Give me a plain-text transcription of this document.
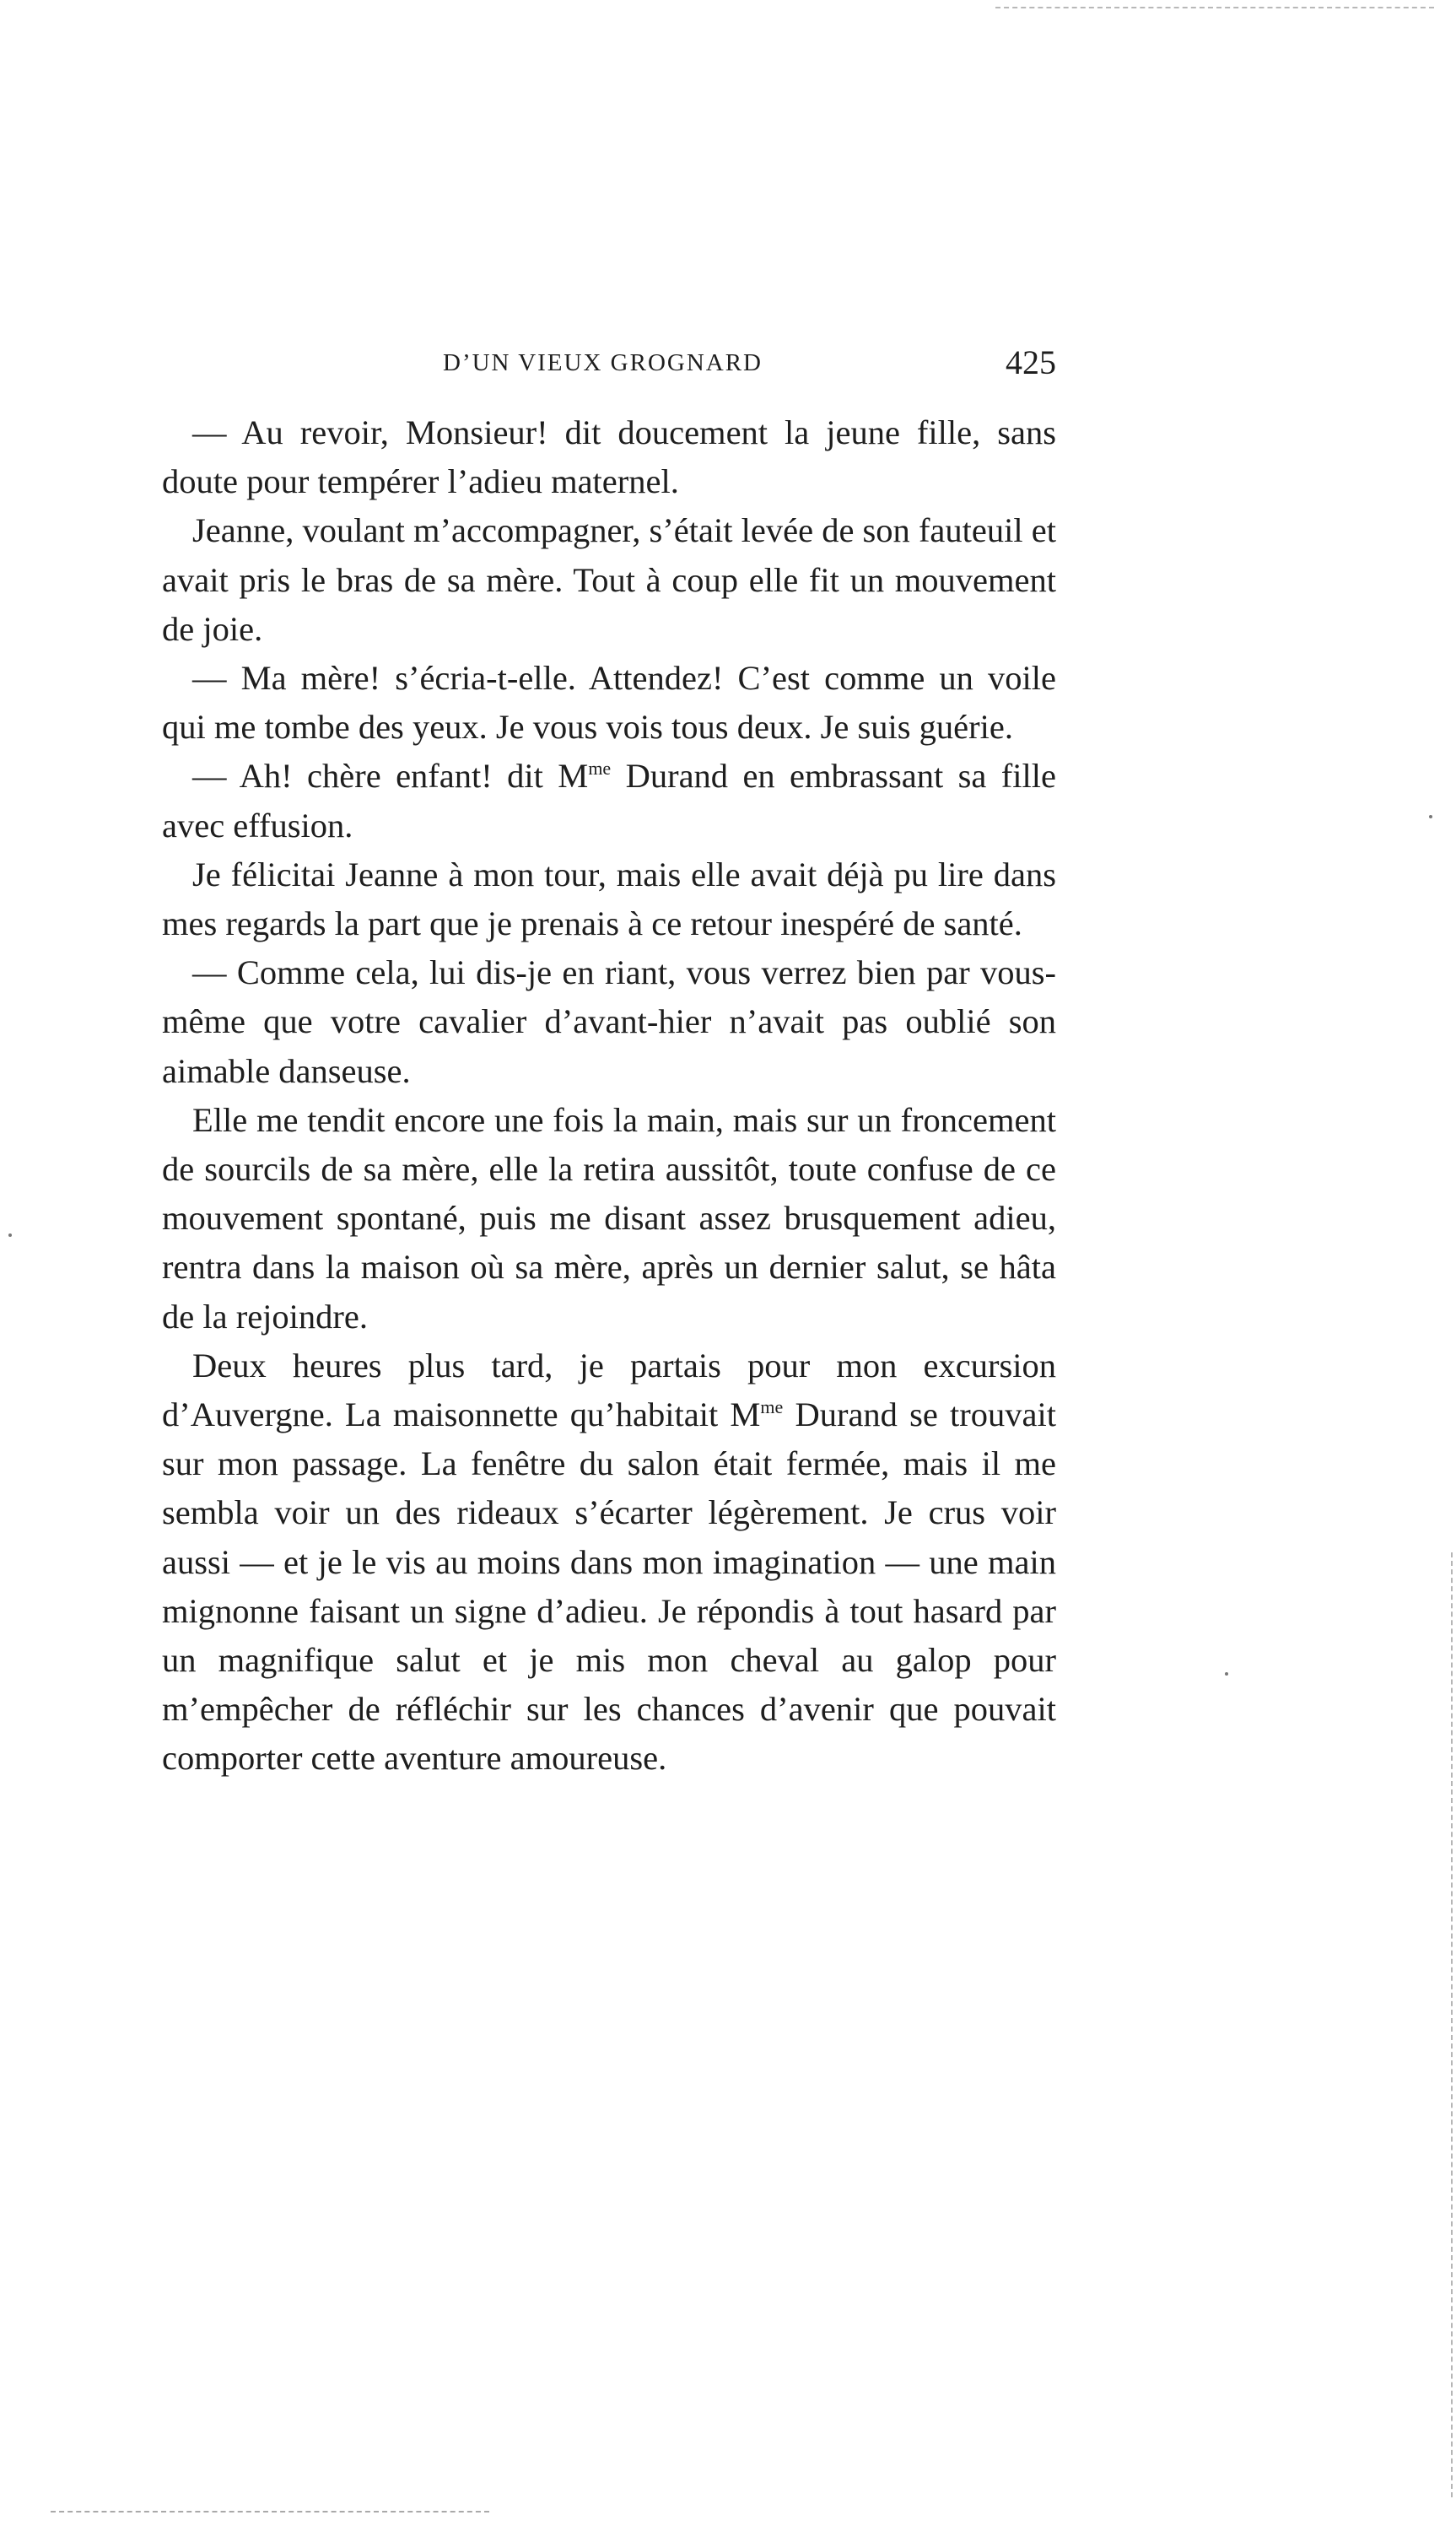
D’UN VIEUX GROGNARD	425

— Au revoir, Monsieur! dit doucement la jeune fille, sans doute pour tempérer l’adieu maternel.

Jeanne, voulant m’accompagner, s’était levée de son fauteuil et avait pris le bras de sa mère. Tout à coup elle fit un mouvement de joie.

— Ma mère! s’écria-t-elle. Attendez! C’est comme un voile qui me tombe des yeux. Je vous vois tous deux. Je suis guérie.

— Ah! chère enfant! dit $M^{me}$ Durand en embrassant sa fille avec effusion.

Je félicitai Jeanne à mon tour, mais elle avait déjà pu lire dans mes regards la part que je prenais à ce retour inespéré de santé.

— Comme cela, lui dis-je en riant, vous verrez bien par vous-même que votre cavalier d’avant-hier n’avait pas oublié son aimable danseuse.

Elle me tendit encore une fois la main, mais sur un froncement de sourcils de sa mère, elle la retira aussitôt, toute confuse de ce mouvement spontané, puis me disant assez brusquement adieu, rentra dans la maison où sa mère, après un dernier salut, se hâta de la rejoindre.

Deux heures plus tard, je partais pour mon excursion d’Auvergne. La maisonnette qu’habitait $M^{me}$ Durand se trouvait sur mon passage. La fenêtre du salon était fermée, mais il me sembla voir un des rideaux s’écarter légèrement. Je crus voir aussi — et je le vis au moins dans mon imagination — une main mignonne faisant un signe d’adieu. Je répondis à tout hasard par un magnifique salut et je mis mon cheval au galop pour m’empêcher de réfléchir sur les chances d’avenir que pouvait comporter cette aventure amoureuse.
